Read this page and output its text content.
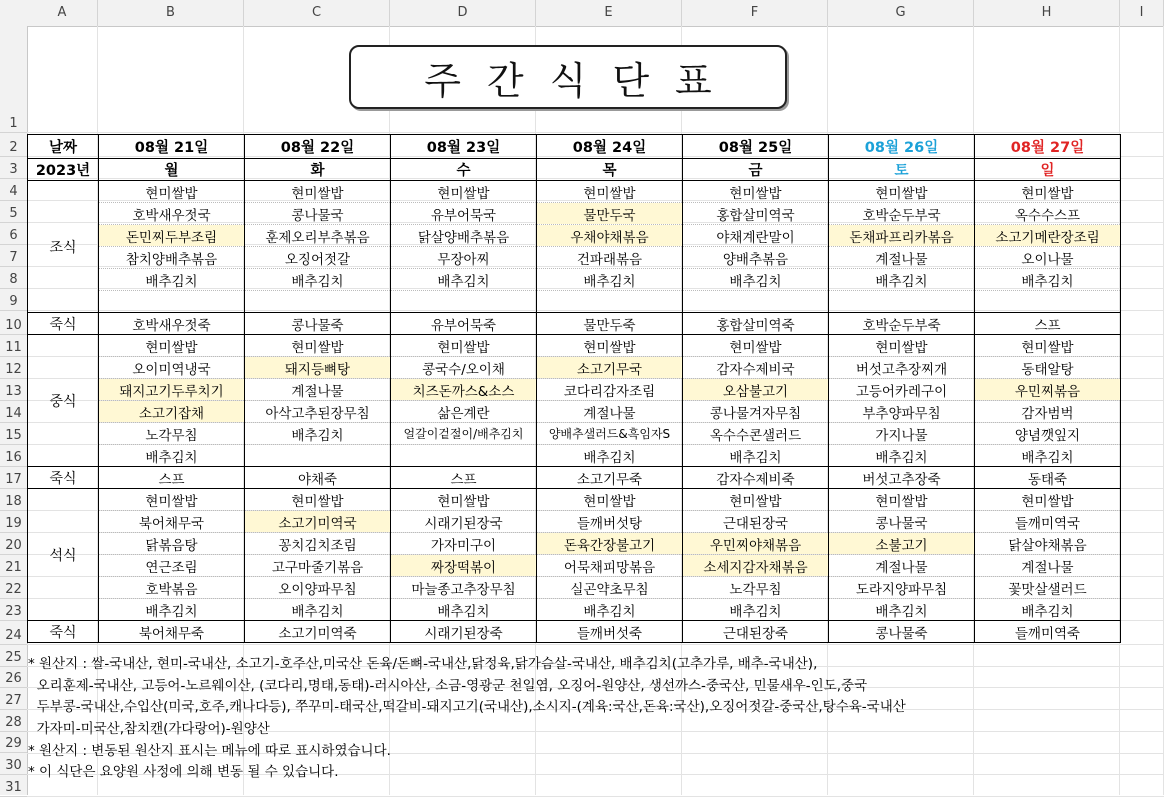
A	B	C	D	E	F	G	H	I
1
2
3
4
5
6
7
8
9
10
11
12
13
14
15
16
17
18
19
20
21
22
23
24
25
26
27
28
29
30
31
주간식단표
날짜	08월 21일	08월 22일	08월 23일	08월 24일	08월 25일	08월 26일	08월 27일
2023년	월	화	수	목	금	토	일
조식	현미쌀밥	현미쌀밥	현미쌀밥	현미쌀밥	현미쌀밥	현미쌀밥	현미쌀밥
	호박새우젓국	콩나물국	유부어묵국	물만두국	홍합살미역국	호박순두부국	옥수수스프
	돈민찌두부조림	훈제오리부추볶음	닭살양배추볶음	우채야채볶음	야채계란말이	돈채파프리카볶음	소고기메란장조림
	참치양배추볶음	오징어젓갈	무장아찌	건파래볶음	양배추볶음	계절나물	오이나물
	배추김치	배추김치	배추김치	배추김치	배추김치	배추김치	배추김치

죽식	호박새우젓죽	콩나물죽	유부어묵죽	물만두죽	홍합살미역죽	호박순두부죽	스프
중식	현미쌀밥	현미쌀밥	현미쌀밥	현미쌀밥	현미쌀밥	현미쌀밥	현미쌀밥
	오이미역냉국	돼지등뼈탕	콩국수/오이채	소고기무국	감자수제비국	버섯고추장찌개	동태알탕
	돼지고기두루치기	계절나물	치즈돈까스&소스	코다리감자조림	오삼불고기	고등어카레구이	우민찌볶음
	소고기잡채	아삭고추된장무침	삶은계란	계절나물	콩나물겨자무침	부추양파무침	감자범벅
	노각무침	배추김치	얼갈이겉절이/배추김치	양배추샐러드&흑임자S	옥수수콘샐러드	가지나물	양념깻잎지
	배추김치			배추김치	배추김치	배추김치	배추김치
죽식	스프	야채죽	스프	소고기무죽	감자수제비죽	버섯고추장죽	동태죽
석식	현미쌀밥	현미쌀밥	현미쌀밥	현미쌀밥	현미쌀밥	현미쌀밥	현미쌀밥
	북어채무국	소고기미역국	시래기된장국	들깨버섯탕	근대된장국	콩나물국	들깨미역국
	닭볶음탕	꽁치김치조림	가자미구이	돈육간장불고기	우민찌야채볶음	소불고기	닭살야채볶음
	연근조림	고구마줄기볶음	짜장떡볶이	어묵채피망볶음	소세지감자채볶음	계절나물	계절나물
	호박볶음	오이양파무침	마늘종고추장무침	실곤약초무침	노각무침	도라지양파무침	꽃맛살샐러드
	배추김치	배추김치	배추김치	배추김치	배추김치	배추김치	배추김치
죽식	북어채무죽	소고기미역죽	시래기된장죽	들깨버섯죽	근대된장죽	콩나물죽	들깨미역죽
* 원산지 : 쌀-국내산, 현미-국내산, 소고기-호주산,미국산 돈육/돈뼈-국내산,닭정육,닭가슴살-국내산, 배추김치(고추가루, 배추-국내산),
오리훈제-국내산, 고등어-노르웨이산, (코다리,명태,동태)-러시아산, 소금-영광군 천일염, 오징어-원양산, 생선까스-중국산, 민물새우-인도,중국
두부콩-국내산,수입산(미국,호주,캐나다등), 쭈꾸미-태국산,떡갈비-돼지고기(국내산),소시지-(계육:국산,돈육:국산),오징어젓갈-중국산,탕수육-국내산
가자미-미국산,참치캔(가다랑어)-원양산
* 원산지 : 변동된 원산지 표시는 메뉴에 따로 표시하였습니다.
* 이 식단은 요양원 사정에 의해 변동 될 수 있습니다.
